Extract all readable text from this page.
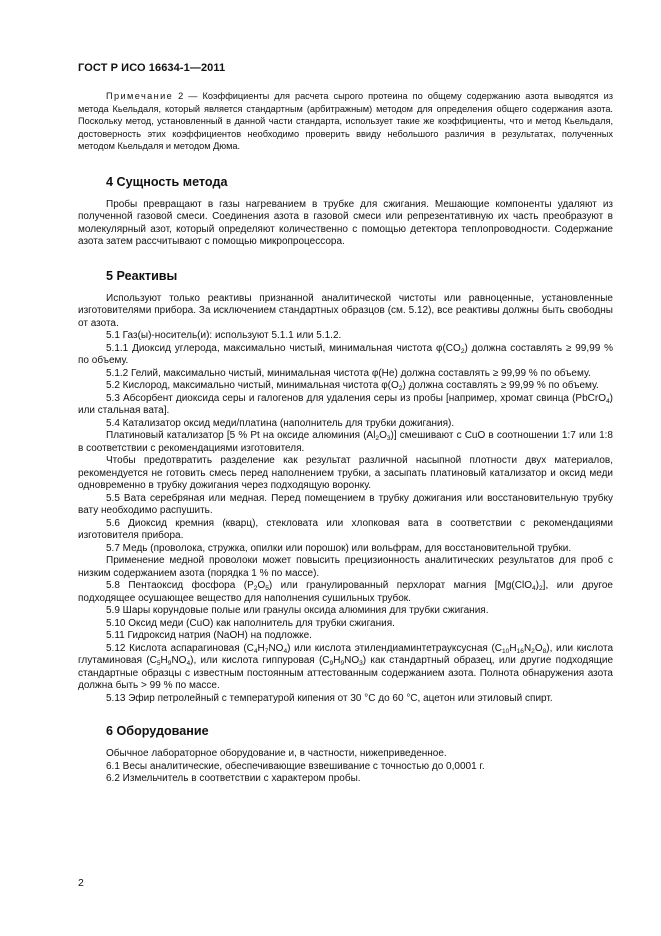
ГОСТ Р ИСО 16634-1—2011

Примечание 2 — Коэффициенты для расчета сырого протеина по общему содержанию азота выводятся из метода Кьельдаля, который является стандартным (арбитражным) методом для определения общего содержания азота. Поскольку метод, установленный в данной части стандарта, использует такие же коэффициенты, что и метод Кьельдаля, достоверность этих коэффициентов необходимо проверить ввиду небольшого различия в результатах, полученных методом Кьельдаля и методом Дюма.

4 Сущность метода

Пробы превращают в газы нагреванием в трубке для сжигания. Мешающие компоненты удаляют из полученной газовой смеси. Соединения азота в газовой смеси или репрезентативную их часть преобразуют в молекулярный азот, который определяют количественно с помощью детектора теплопроводности. Содержание азота затем рассчитывают с помощью микропроцессора.

5 Реактивы

Используют только реактивы признанной аналитической чистоты или равноценные, установленные изготовителями прибора. За исключением стандартных образцов (см. 5.12), все реактивы должны быть свободны от азота.

5.1 Газ(ы)-носитель(и): используют 5.1.1 или 5.1.2.

5.1.1 Диоксид углерода, максимально чистый, минимальная чистота $\varphi(CO_2)$ должна составлять ≥ 99,99 % по объему.

5.1.2 Гелий, максимально чистый, минимальная чистота φ(He) должна составлять ≥ 99,99 % по объему.

5.2 Кислород, максимально чистый, минимальная чистота $\varphi(O_2)$ должна составлять ≥ 99,99 % по объему.

5.3 Абсорбент диоксида серы и галогенов для удаления серы из пробы [например, хромат свинца (PbCrO$_4$) или стальная вата].

5.4 Катализатор оксид меди/платина (наполнитель для трубки дожигания).

Платиновый катализатор [5 % Pt на оксиде алюминия $(Al_2O_3)$] смешивают с CuO в соотношении 1:7 или 1:8 в соответствии с рекомендациями изготовителя.

Чтобы предотвратить разделение как результат различной насыпной плотности двух материалов, рекомендуется не готовить смесь перед наполнением трубки, а засыпать платиновый катализатор и оксид меди одновременно в трубку дожигания через подходящую воронку.

5.5 Вата серебряная или медная. Перед помещением в трубку дожигания или восстановительную трубку вату необходимо распушить.

5.6 Диоксид кремния (кварц), стекловата или хлопковая вата в соответствии с рекомендациями изготовителя прибора.

5.7 Медь (проволока, стружка, опилки или порошок) или вольфрам, для восстановительной трубки.

Применение медной проволоки может повысить прецизионность аналитических результатов для проб с низким содержанием азота (порядка 1 % по массе).

5.8 Пентаоксид фосфора $(P_2O_5)$ или гранулированный перхлорат магния $[Mg(ClO_4)_2]$, или другое подходящее осушающее вещество для наполнения сушильных трубок.

5.9 Шары корундовые полые или гранулы оксида алюминия для трубки сжигания.

5.10 Оксид меди (CuO) как наполнитель для трубки сжигания.

5.11 Гидроксид натрия (NaOH) на подложке.

5.12 Кислота аспарагиновая $(C_4H_7NO_4)$ или кислота этилендиаминтетрауксусная $(C_{10}H_{16}N_2O_8)$, или кислота глутаминовая $(C_5H_9NO_4)$, или кислота гиппуровая $(C_9H_9NO_3)$ как стандартный образец, или другие подходящие стандартные образцы с известным постоянным аттестованным содержанием азота. Полнота обнаружения азота должна быть > 99 % по массе.

5.13 Эфир петролейный с температурой кипения от 30 °С до 60 °С, ацетон или этиловый спирт.

6 Оборудование

Обычное лабораторное оборудование и, в частности, нижеприведенное.

6.1 Весы аналитические, обеспечивающие взвешивание с точностью до 0,0001 г.

6.2 Измельчитель в соответствии с характером пробы.

2
